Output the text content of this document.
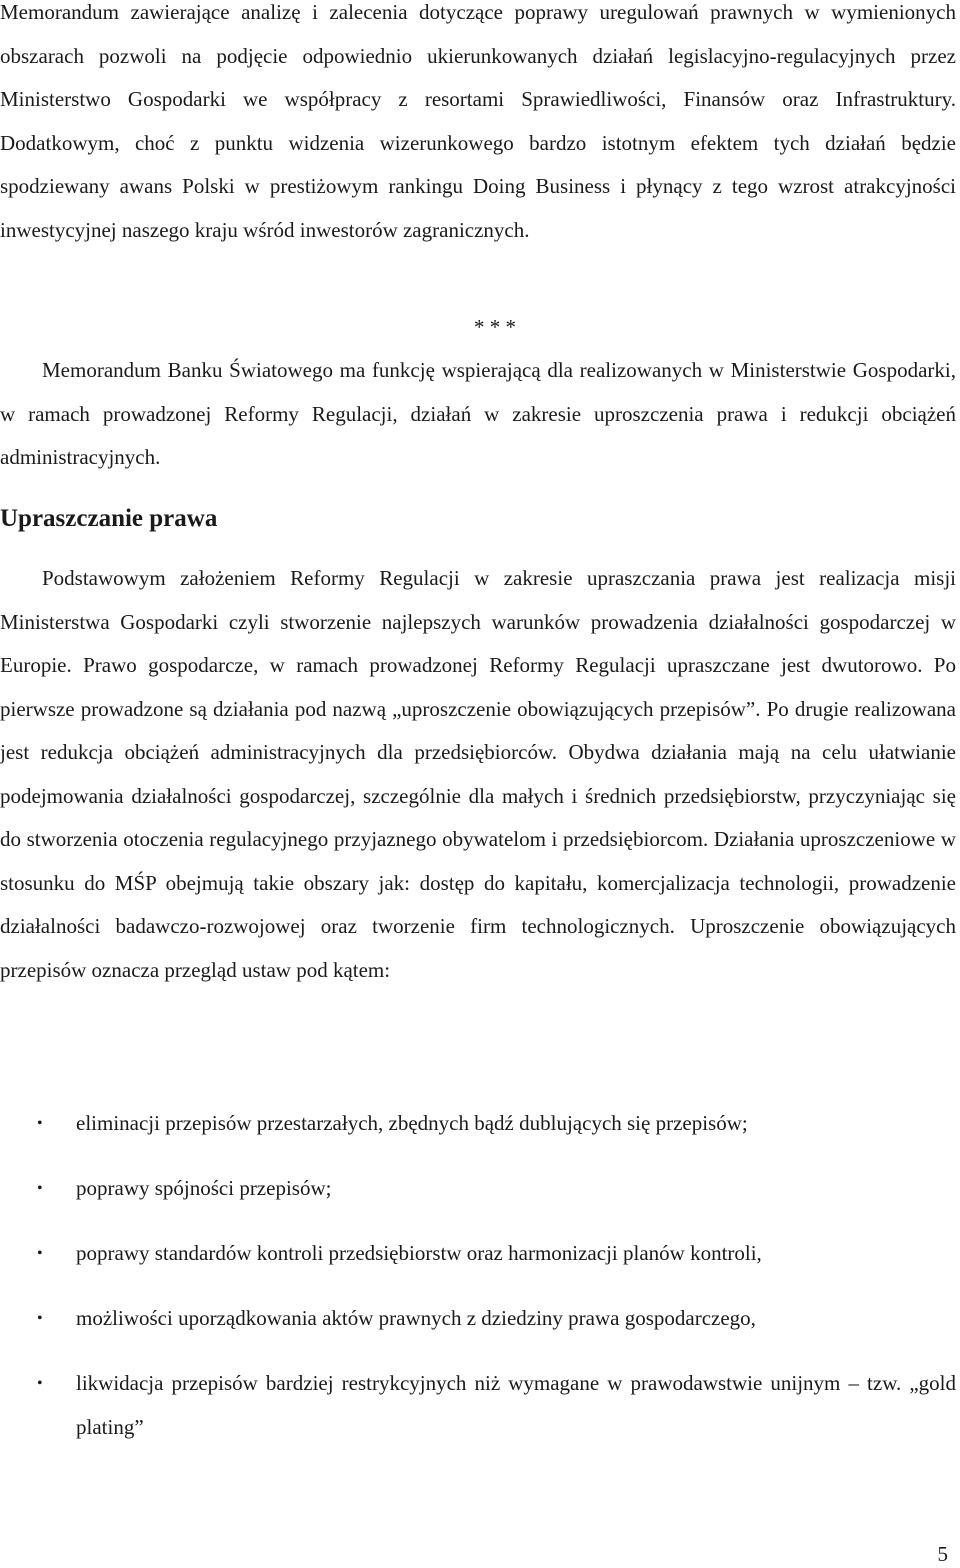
Memorandum zawierające analizę i zalecenia dotyczące poprawy uregulowań prawnych w wymienionych obszarach pozwoli na podjęcie odpowiednio ukierunkowanych działań legislacyjno-regulacyjnych przez Ministerstwo Gospodarki we współpracy z resortami Sprawiedliwości, Finansów oraz Infrastruktury. Dodatkowym, choć z punktu widzenia wizerunkowego bardzo istotnym efektem tych działań będzie spodziewany awans Polski w prestiżowym rankingu Doing Business i płynący z tego wzrost atrakcyjności inwestycyjnej naszego kraju wśród inwestorów zagranicznych.

* * *

Memorandum Banku Światowego ma funkcję wspierającą dla realizowanych w Ministerstwie Gospodarki, w ramach prowadzonej Reformy Regulacji, działań w zakresie uproszczenia prawa i redukcji obciążeń administracyjnych.

Upraszczanie prawa

Podstawowym założeniem Reformy Regulacji w zakresie upraszczania prawa jest realizacja misji Ministerstwa Gospodarki czyli stworzenie najlepszych warunków prowadzenia działalności gospodarczej w Europie. Prawo gospodarcze, w ramach prowadzonej Reformy Regulacji upraszczane jest dwutorowo. Po pierwsze prowadzone są działania pod nazwą „uproszczenie obowiązujących przepisów”. Po drugie realizowana jest redukcja obciążeń administracyjnych dla przedsiębiorców. Obydwa działania mają na celu ułatwianie podejmowania działalności gospodarczej, szczególnie dla małych i średnich przedsiębiorstw, przyczyniając się do stworzenia otoczenia regulacyjnego przyjaznego obywatelom i przedsiębiorcom. Działania uproszczeniowe w stosunku do MŚP obejmują takie obszary jak: dostęp do kapitału, komercjalizacja technologii, prowadzenie działalności badawczo-rozwojowej oraz tworzenie firm technologicznych. Uproszczenie obowiązujących przepisów oznacza przegląd ustaw pod kątem:

• eliminacji przepisów przestarzałych, zbędnych bądź dublujących się przepisów;
• poprawy spójności przepisów;
• poprawy standardów kontroli przedsiębiorstw oraz harmonizacji planów kontroli,
• możliwości uporządkowania aktów prawnych z dziedziny prawa gospodarczego,
• likwidacja przepisów bardziej restrykcyjnych niż wymagane w prawodawstwie unijnym – tzw. „gold plating”
5
